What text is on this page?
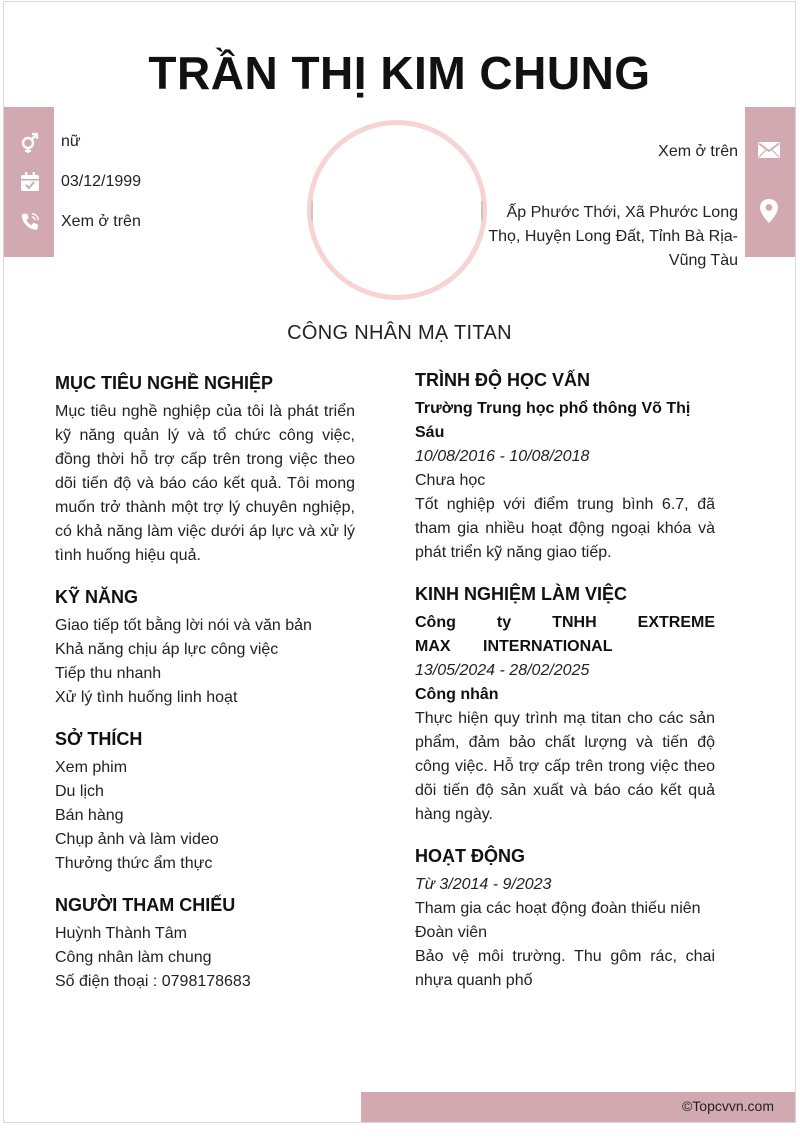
TRẦN THỊ KIM CHUNG
nữ
03/12/1999
Xem ở trên
Xem ở trên
Ấp Phước Thới, Xã Phước Long
Thọ, Huyện Long Đất, Tỉnh Bà Rịa-
Vũng Tàu
CÔNG NHÂN MẠ TITAN
MỤC TIÊU NGHỀ NGHIỆP
Mục tiêu nghề nghiệp của tôi là phát triển kỹ năng quản lý và tổ chức công việc, đồng thời hỗ trợ cấp trên trong việc theo dõi tiến độ và báo cáo kết quả. Tôi mong muốn trở thành một trợ lý chuyên nghiệp, có khả năng làm việc dưới áp lực và xử lý tình huống hiệu quả.
KỸ NĂNG
Giao tiếp tốt bằng lời nói và văn bản
Khả năng chịu áp lực công việc
Tiếp thu nhanh
Xử lý tình huống linh hoạt
SỞ THÍCH
Xem phim
Du lịch
Bán hàng
Chụp ảnh và làm video
Thưởng thức ẩm thực
NGƯỜI THAM CHIẾU
Huỳnh Thành Tâm
Công nhân làm chung
Số điện thoại : 0798178683
TRÌNH ĐỘ HỌC VẤN
Trường Trung học phổ thông Võ Thị Sáu
10/08/2016 - 10/08/2018
Chưa học
Tốt nghiệp với điểm trung bình 6.7, đã tham gia nhiều hoạt động ngoại khóa và phát triển kỹ năng giao tiếp.
KINH NGHIỆM LÀM VIỆC
Công ty TNHH EXTREME MAX INTERNATIONAL
13/05/2024 - 28/02/2025
Công nhân
Thực hiện quy trình mạ titan cho các sản phẩm, đảm bảo chất lượng và tiến độ công việc. Hỗ trợ cấp trên trong việc theo dõi tiến độ sản xuất và báo cáo kết quả hàng ngày.
HOẠT ĐỘNG
Từ 3/2014 - 9/2023
Tham gia các hoạt động đoàn thiếu niên
Đoàn viên
Bảo vệ môi trường. Thu gôm rác, chai nhựa quanh phố
©Topcvvn.com
